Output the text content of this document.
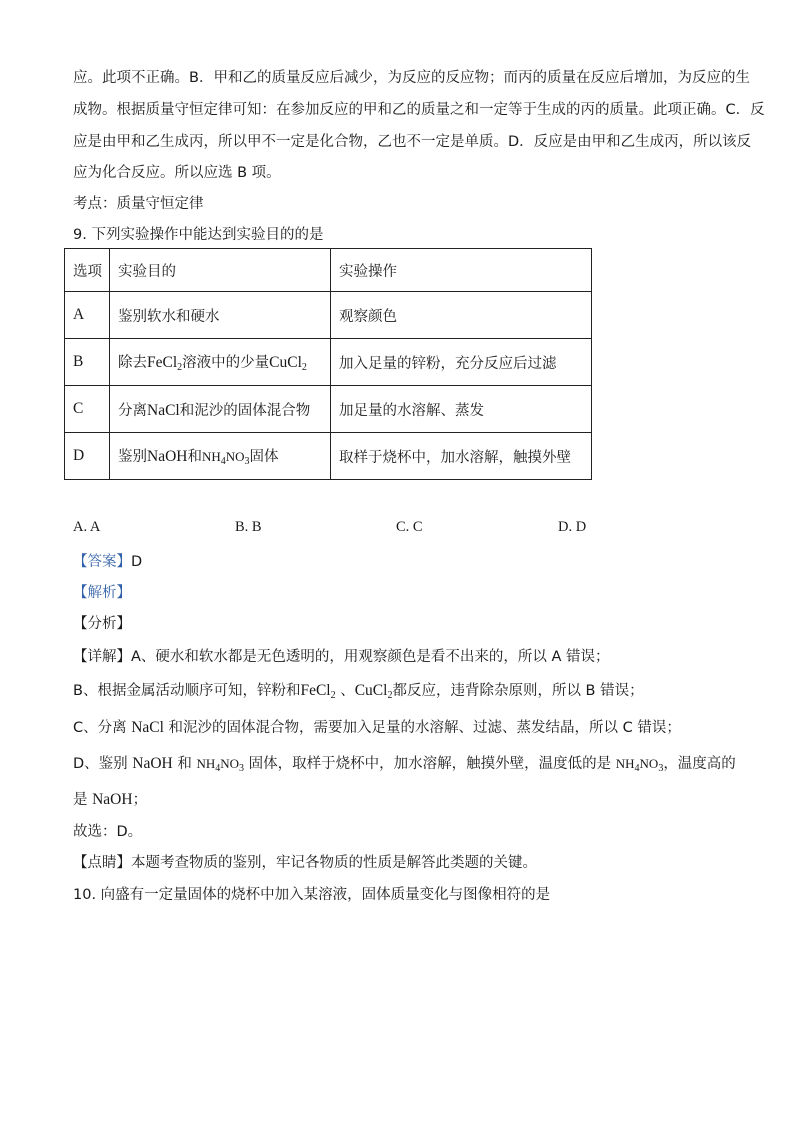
应。此项不正确。B．甲和乙的质量反应后减少，为反应的反应物；而丙的质量在反应后增加，为反应的生
成物。根据质量守恒定律可知：在参加反应的甲和乙的质量之和一定等于生成的丙的质量。此项正确。C．反
应是由甲和乙生成丙，所以甲不一定是化合物，乙也不一定是单质。D．反应是由甲和乙生成丙，所以该反
应为化合反应。所以应选 B 项。
考点：质量守恒定律
9. 下列实验操作中能达到实验目的的是
选项	实验目的	实验操作
A	鉴别软水和硬水	观察颜色
B	除去FeCl$_2$溶液中的少量CuCl$_2$	加入足量的锌粉，充分反应后过滤
C	分离NaCl和泥沙的固体混合物	加足量的水溶解、蒸发
D	鉴别NaOH和$NH_4NO_3$固体	取样于烧杯中，加水溶解，触摸外壁
A. A	B. B	C. C	D. D
【答案】D
【解析】
【分析】
【详解】A、硬水和软水都是无色透明的，用观察颜色是看不出来的，所以 A 错误；
B、根据金属活动顺序可知，锌粉和FeCl$_2$ 、CuCl$_2$都反应，违背除杂原则，所以 B 错误；
C、分离 NaCl 和泥沙的固体混合物，需要加入足量的水溶解、过滤、蒸发结晶，所以 C 错误；
D、鉴别 NaOH 和 $NH_4NO_3$ 固体，取样于烧杯中，加水溶解，触摸外壁，温度低的是 $NH_4NO_3$，温度高的
是 NaOH；
故选：D。
【点睛】本题考查物质的鉴别，牢记各物质的性质是解答此类题的关键。
10. 向盛有一定量固体的烧杯中加入某溶液，固体质量变化与图像相符的是
